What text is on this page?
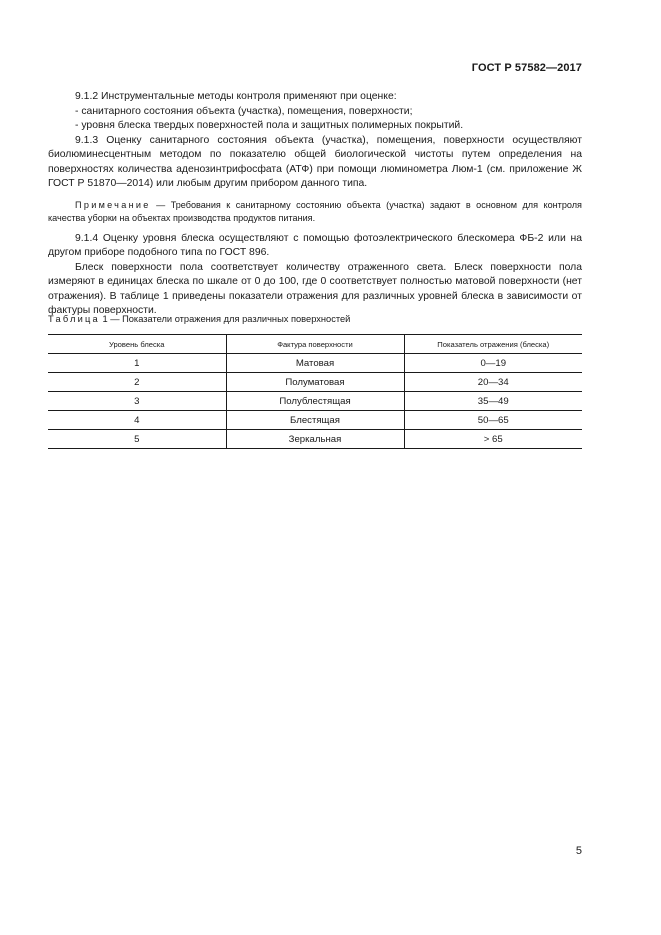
ГОСТ Р 57582—2017

9.1.2 Инструментальные методы контроля применяют при оценке:

- санитарного состояния объекта (участка), помещения, поверхности;

- уровня блеска твердых поверхностей пола и защитных полимерных покрытий.

9.1.3 Оценку санитарного состояния объекта (участка), помещения, поверхности осуществляют биолюминесцентным методом по показателю общей биологической чистоты путем определения на поверхностях количества аденозинтрифосфата (АТФ) при помощи люминометра Люм-1 (см. приложение Ж ГОСТ Р 51870—2014) или любым другим прибором данного типа.

Примечание — Требования к санитарному состоянию объекта (участка) задают в основном для контроля качества уборки на объектах производства продуктов питания.

9.1.4 Оценку уровня блеска осуществляют с помощью фотоэлектрического блескомера ФБ-2 или на другом приборе подобного типа по ГОСТ 896.

Блеск поверхности пола соответствует количеству отраженного света. Блеск поверхности пола измеряют в единицах блеска по шкале от 0 до 100, где 0 соответствует полностью матовой поверхности (нет отражения). В таблице 1 приведены показатели отражения для различных уровней блеска в зависимости от фактуры поверхности.

Таблица 1 — Показатели отражения для различных поверхностей
Уровень блеска	Фактура поверхности	Показатель отражения (блеска)
1	Матовая	0—19
2	Полуматовая	20—34
3	Полублестящая	35—49
4	Блестящая	50—65
5	Зеркальная	> 65
5
